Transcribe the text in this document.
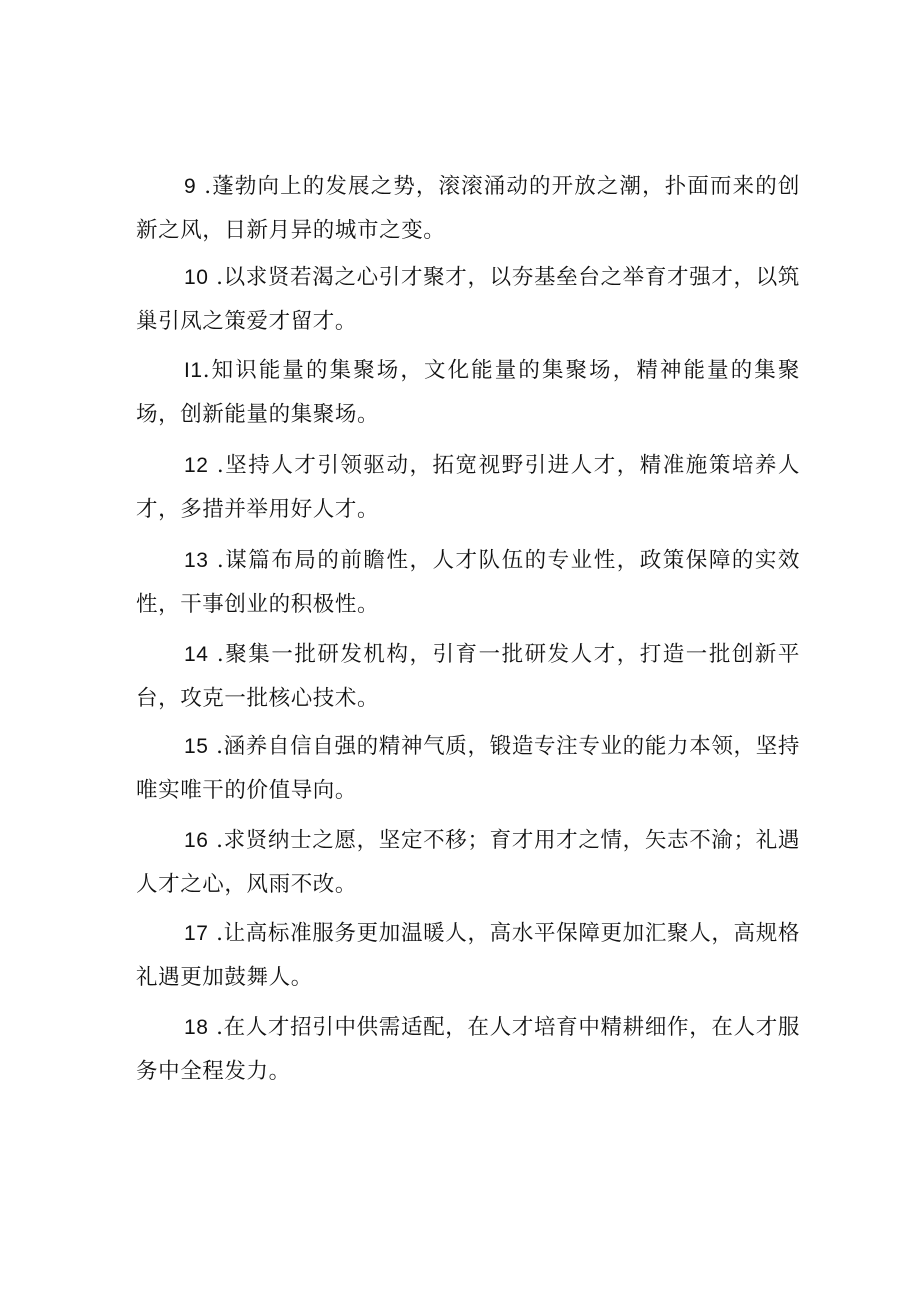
9 .蓬勃向上的发展之势，滚滚涌动的开放之潮，扑面而来的创新之风，日新月异的城市之变。

10 .以求贤若渴之心引才聚才，以夯基垒台之举育才强才，以筑巢引凤之策爱才留才。

I1.知识能量的集聚场，文化能量的集聚场，精神能量的集聚场，创新能量的集聚场。

12 .坚持人才引领驱动，拓宽视野引进人才，精准施策培养人才，多措并举用好人才。

13 .谋篇布局的前瞻性，人才队伍的专业性，政策保障的实效性，干事创业的积极性。

14 .聚集一批研发机构，引育一批研发人才，打造一批创新平台，攻克一批核心技术。

15 .涵养自信自强的精神气质，锻造专注专业的能力本领，坚持唯实唯干的价值导向。

16 .求贤纳士之愿，坚定不移；育才用才之情，矢志不渝；礼遇人才之心，风雨不改。

17 .让高标准服务更加温暖人，高水平保障更加汇聚人，高规格礼遇更加鼓舞人。

18 .在人才招引中供需适配，在人才培育中精耕细作，在人才服务中全程发力。
